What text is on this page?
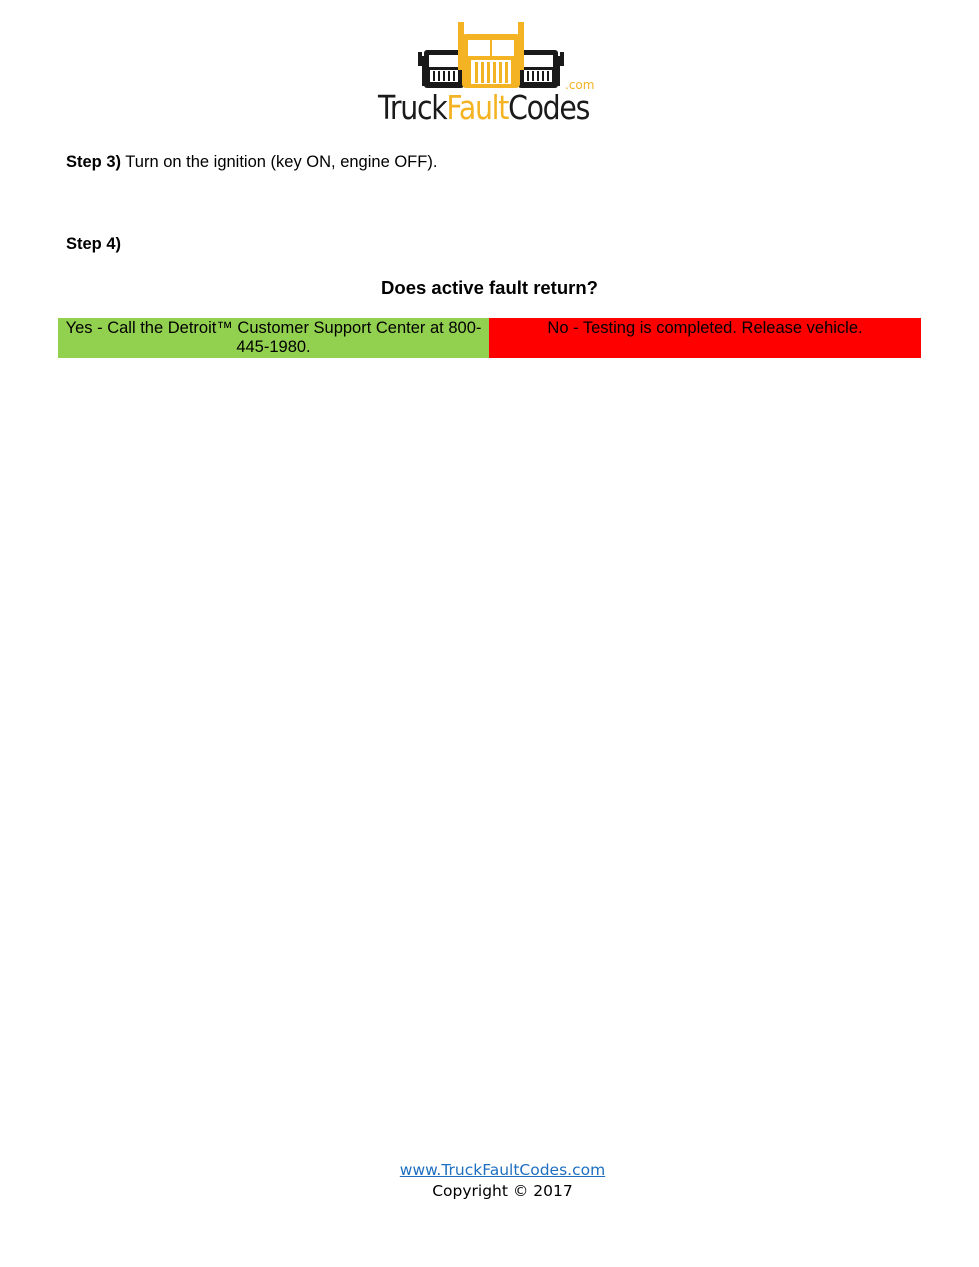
TruckFaultCodes
.com
Step 3) Turn on the ignition (key ON, engine OFF).
Step 4)
Does active fault return?
Yes - Call the Detroit™ Customer Support Center at 800-445-1980.
No - Testing is completed. Release vehicle.
www.TruckFaultCodes.com
Copyright © 2017
